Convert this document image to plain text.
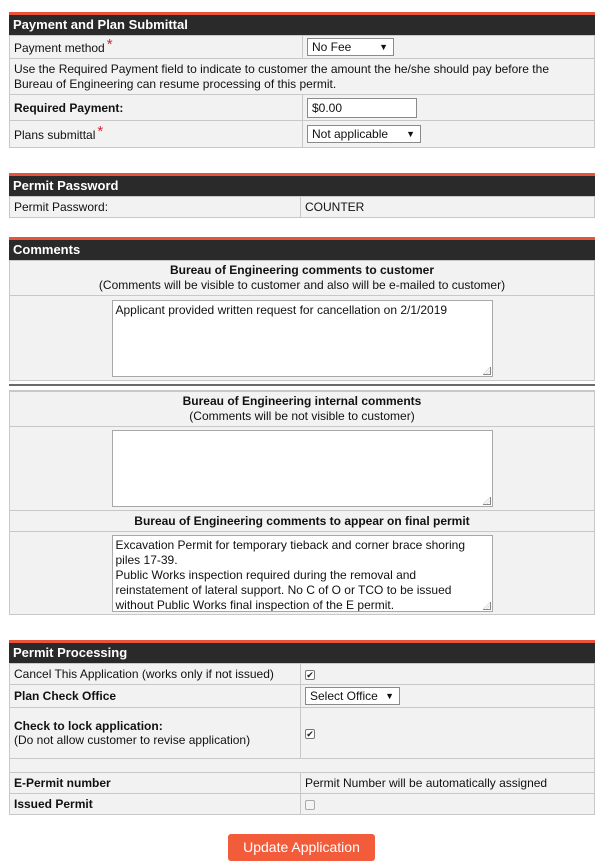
Payment and Plan Submittal
Payment method *	No Fee ▼

Use the Required Payment field to indicate to customer the amount the he/she should pay before the Bureau of Engineering can resume processing of this permit.	
Required Payment:	$0.00
Plans submittal *	Not applicable ▼
Permit Password
Permit Password:	COUNTER
Comments
Bureau of Engineering comments to customer
(Comments will be visible to customer and also will be e-mailed to customer)

Applicant provided written request for cancellation on 2/1/2019
Bureau of Engineering internal comments
(Comments will be not visible to customer)

Bureau of Engineering comments to appear on final permit

Excavation Permit for temporary tieback and corner brace shoring piles 17-39.
Public Works inspection required during the removal and reinstatement of lateral support. No C of O or TCO to be issued without Public Works final inspection of the E permit.
Permit Processing
Cancel This Application (works only if not issued)	✔
Plan Check Office	Select Office ▼

Check to lock application:
(Do not allow customer to revise application)	✔

E-Permit number	Permit Number will be automatically assigned
Issued Permit	
Update Application
